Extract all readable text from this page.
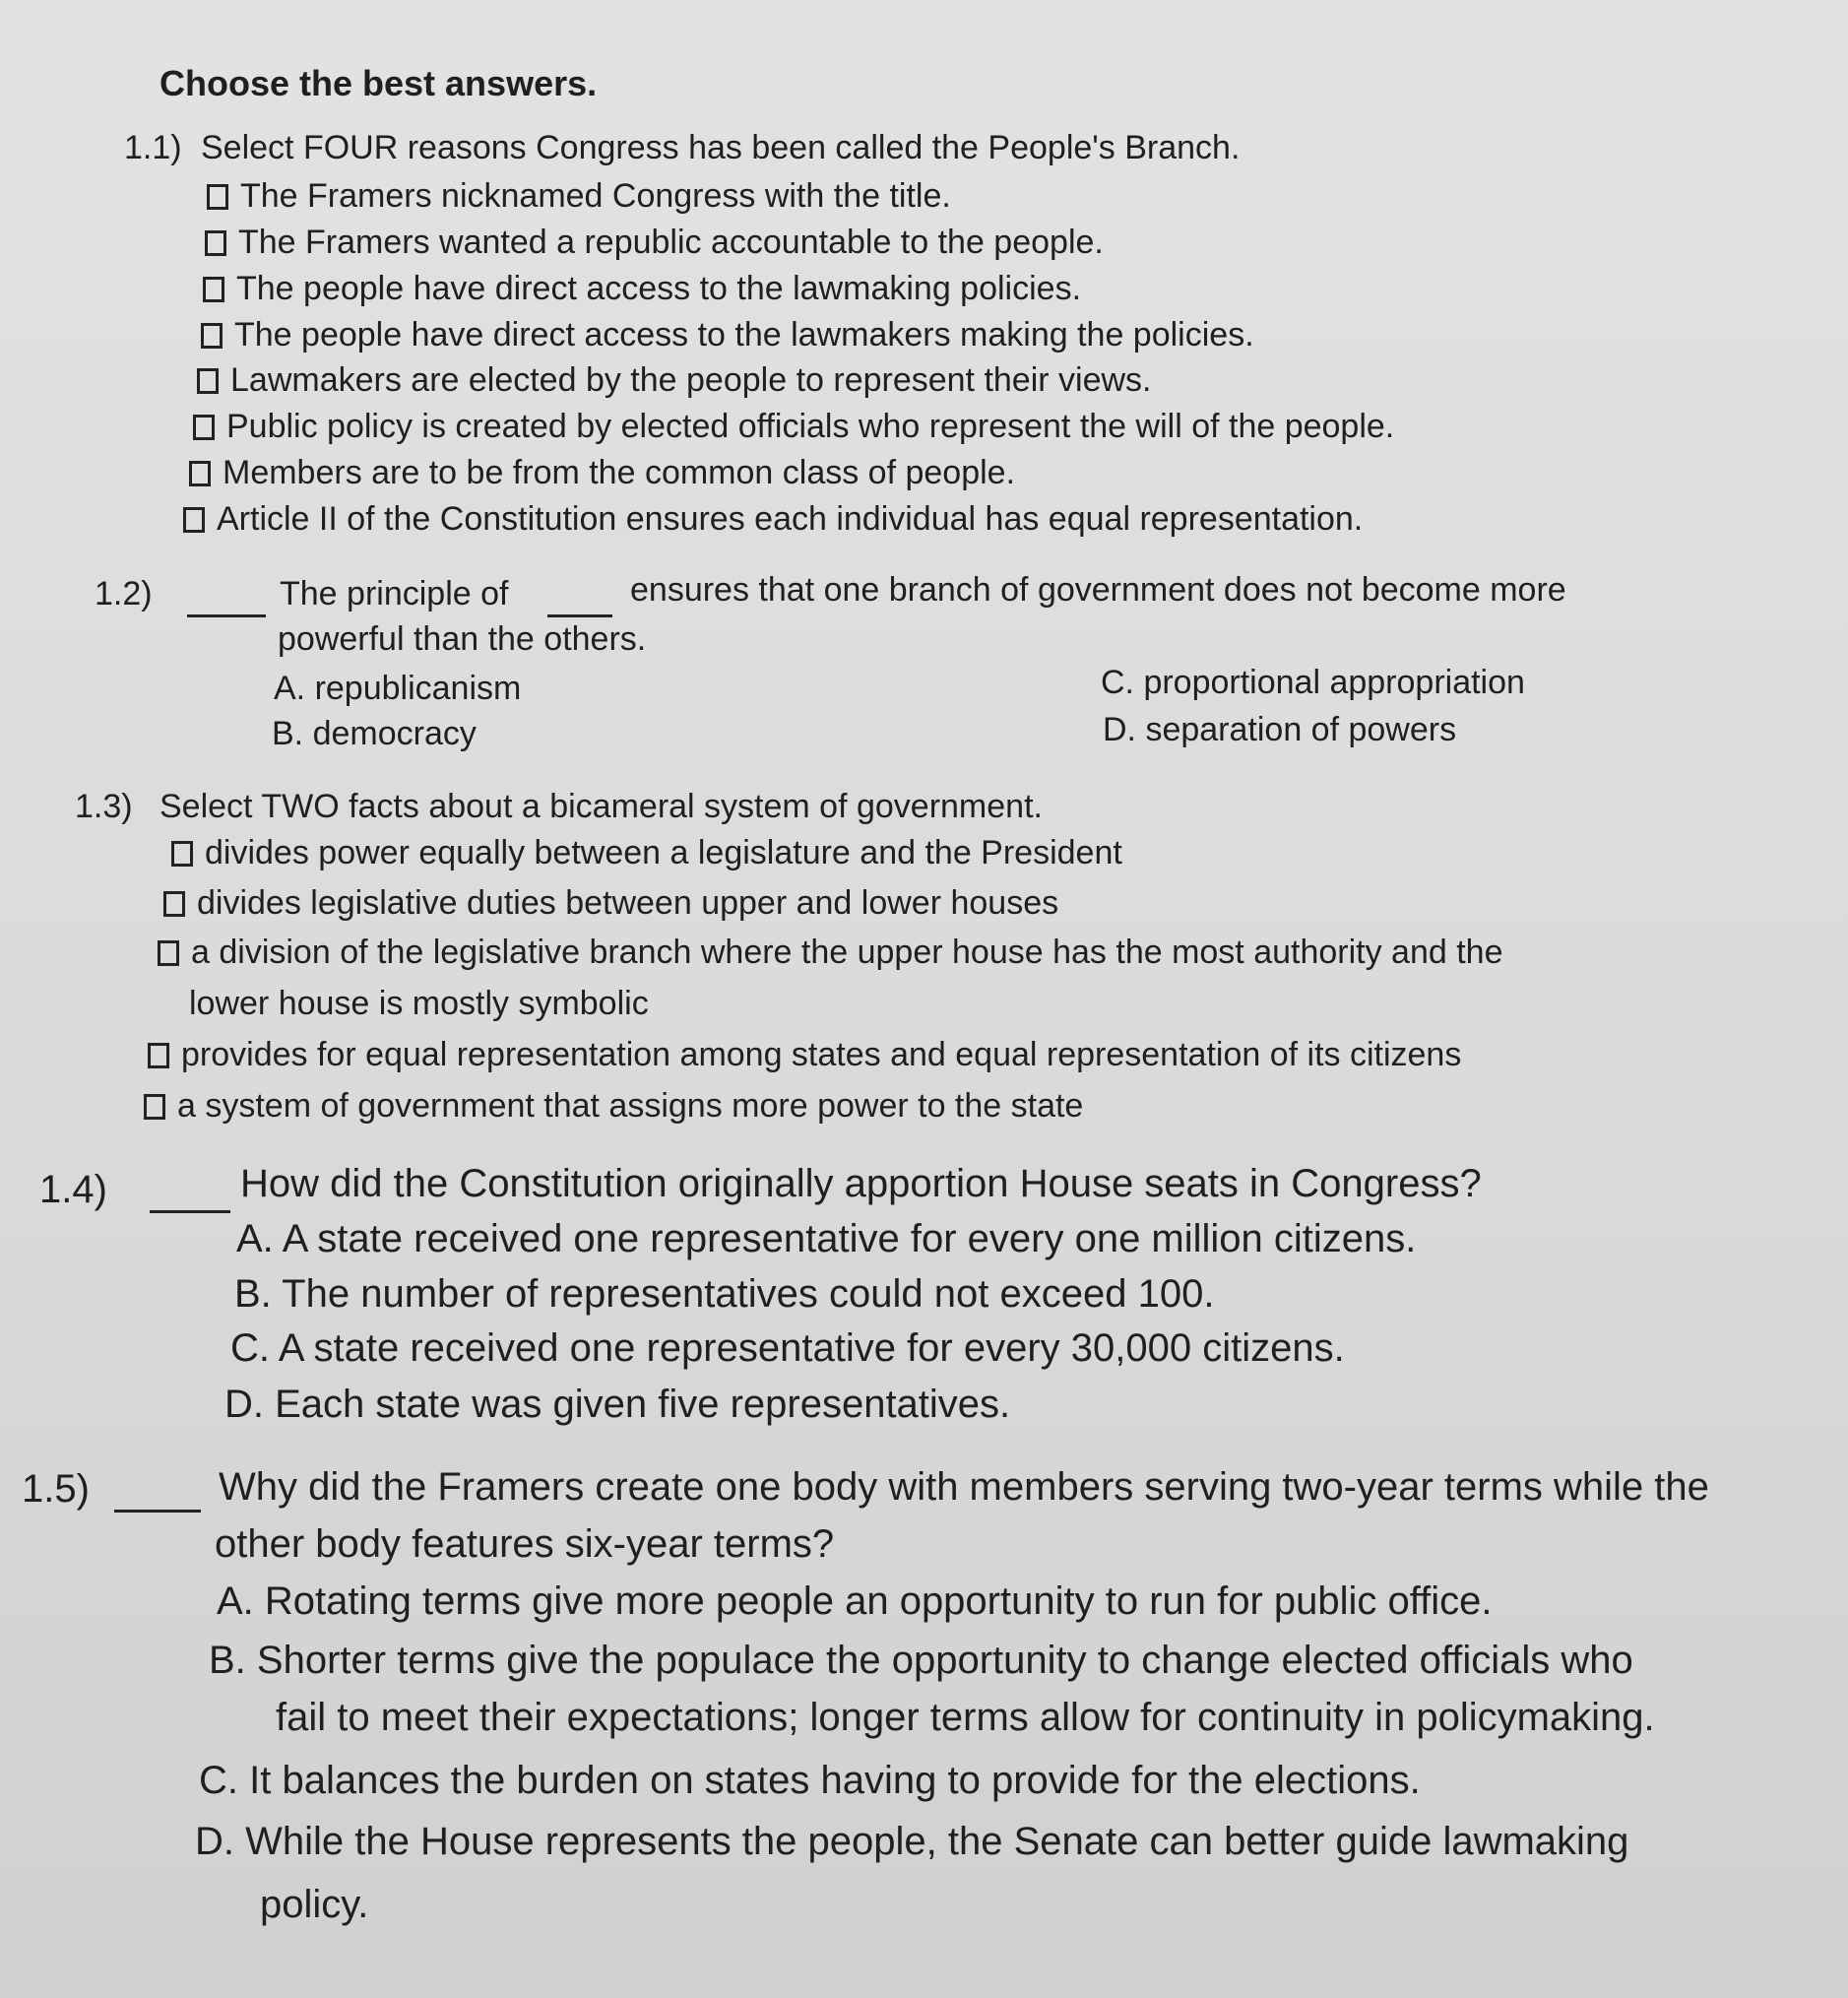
Choose the best answers.
1.1) Select FOUR reasons Congress has been called the People's Branch.
The Framers nicknamed Congress with the title.
The Framers wanted a republic accountable to the people.
The people have direct access to the lawmaking policies.
The people have direct access to the lawmakers making the policies.
Lawmakers are elected by the people to represent their views.
Public policy is created by elected officials who represent the will of the people.
Members are to be from the common class of people.
Article II of the Constitution ensures each individual has equal representation.
1.2)	The principle of	ensures that one branch of government does not become more
powerful than the others.
A. republicanism
B. democracy
C. proportional appropriation
D. separation of powers
1.3) Select TWO facts about a bicameral system of government.
divides power equally between a legislature and the President
divides legislative duties between upper and lower houses
a division of the legislative branch where the upper house has the most authority and the
lower house is mostly symbolic
provides for equal representation among states and equal representation of its citizens
a system of government that assigns more power to the state
1.4)	How did the Constitution originally apportion House seats in Congress?
A. A state received one representative for every one million citizens.
B. The number of representatives could not exceed 100.
C. A state received one representative for every 30,000 citizens.
D. Each state was given five representatives.
1.5)	Why did the Framers create one body with members serving two-year terms while the
other body features six-year terms?
A. Rotating terms give more people an opportunity to run for public office.
B. Shorter terms give the populace the opportunity to change elected officials who
fail to meet their expectations; longer terms allow for continuity in policymaking.
C. It balances the burden on states having to provide for the elections.
D. While the House represents the people, the Senate can better guide lawmaking
policy.
